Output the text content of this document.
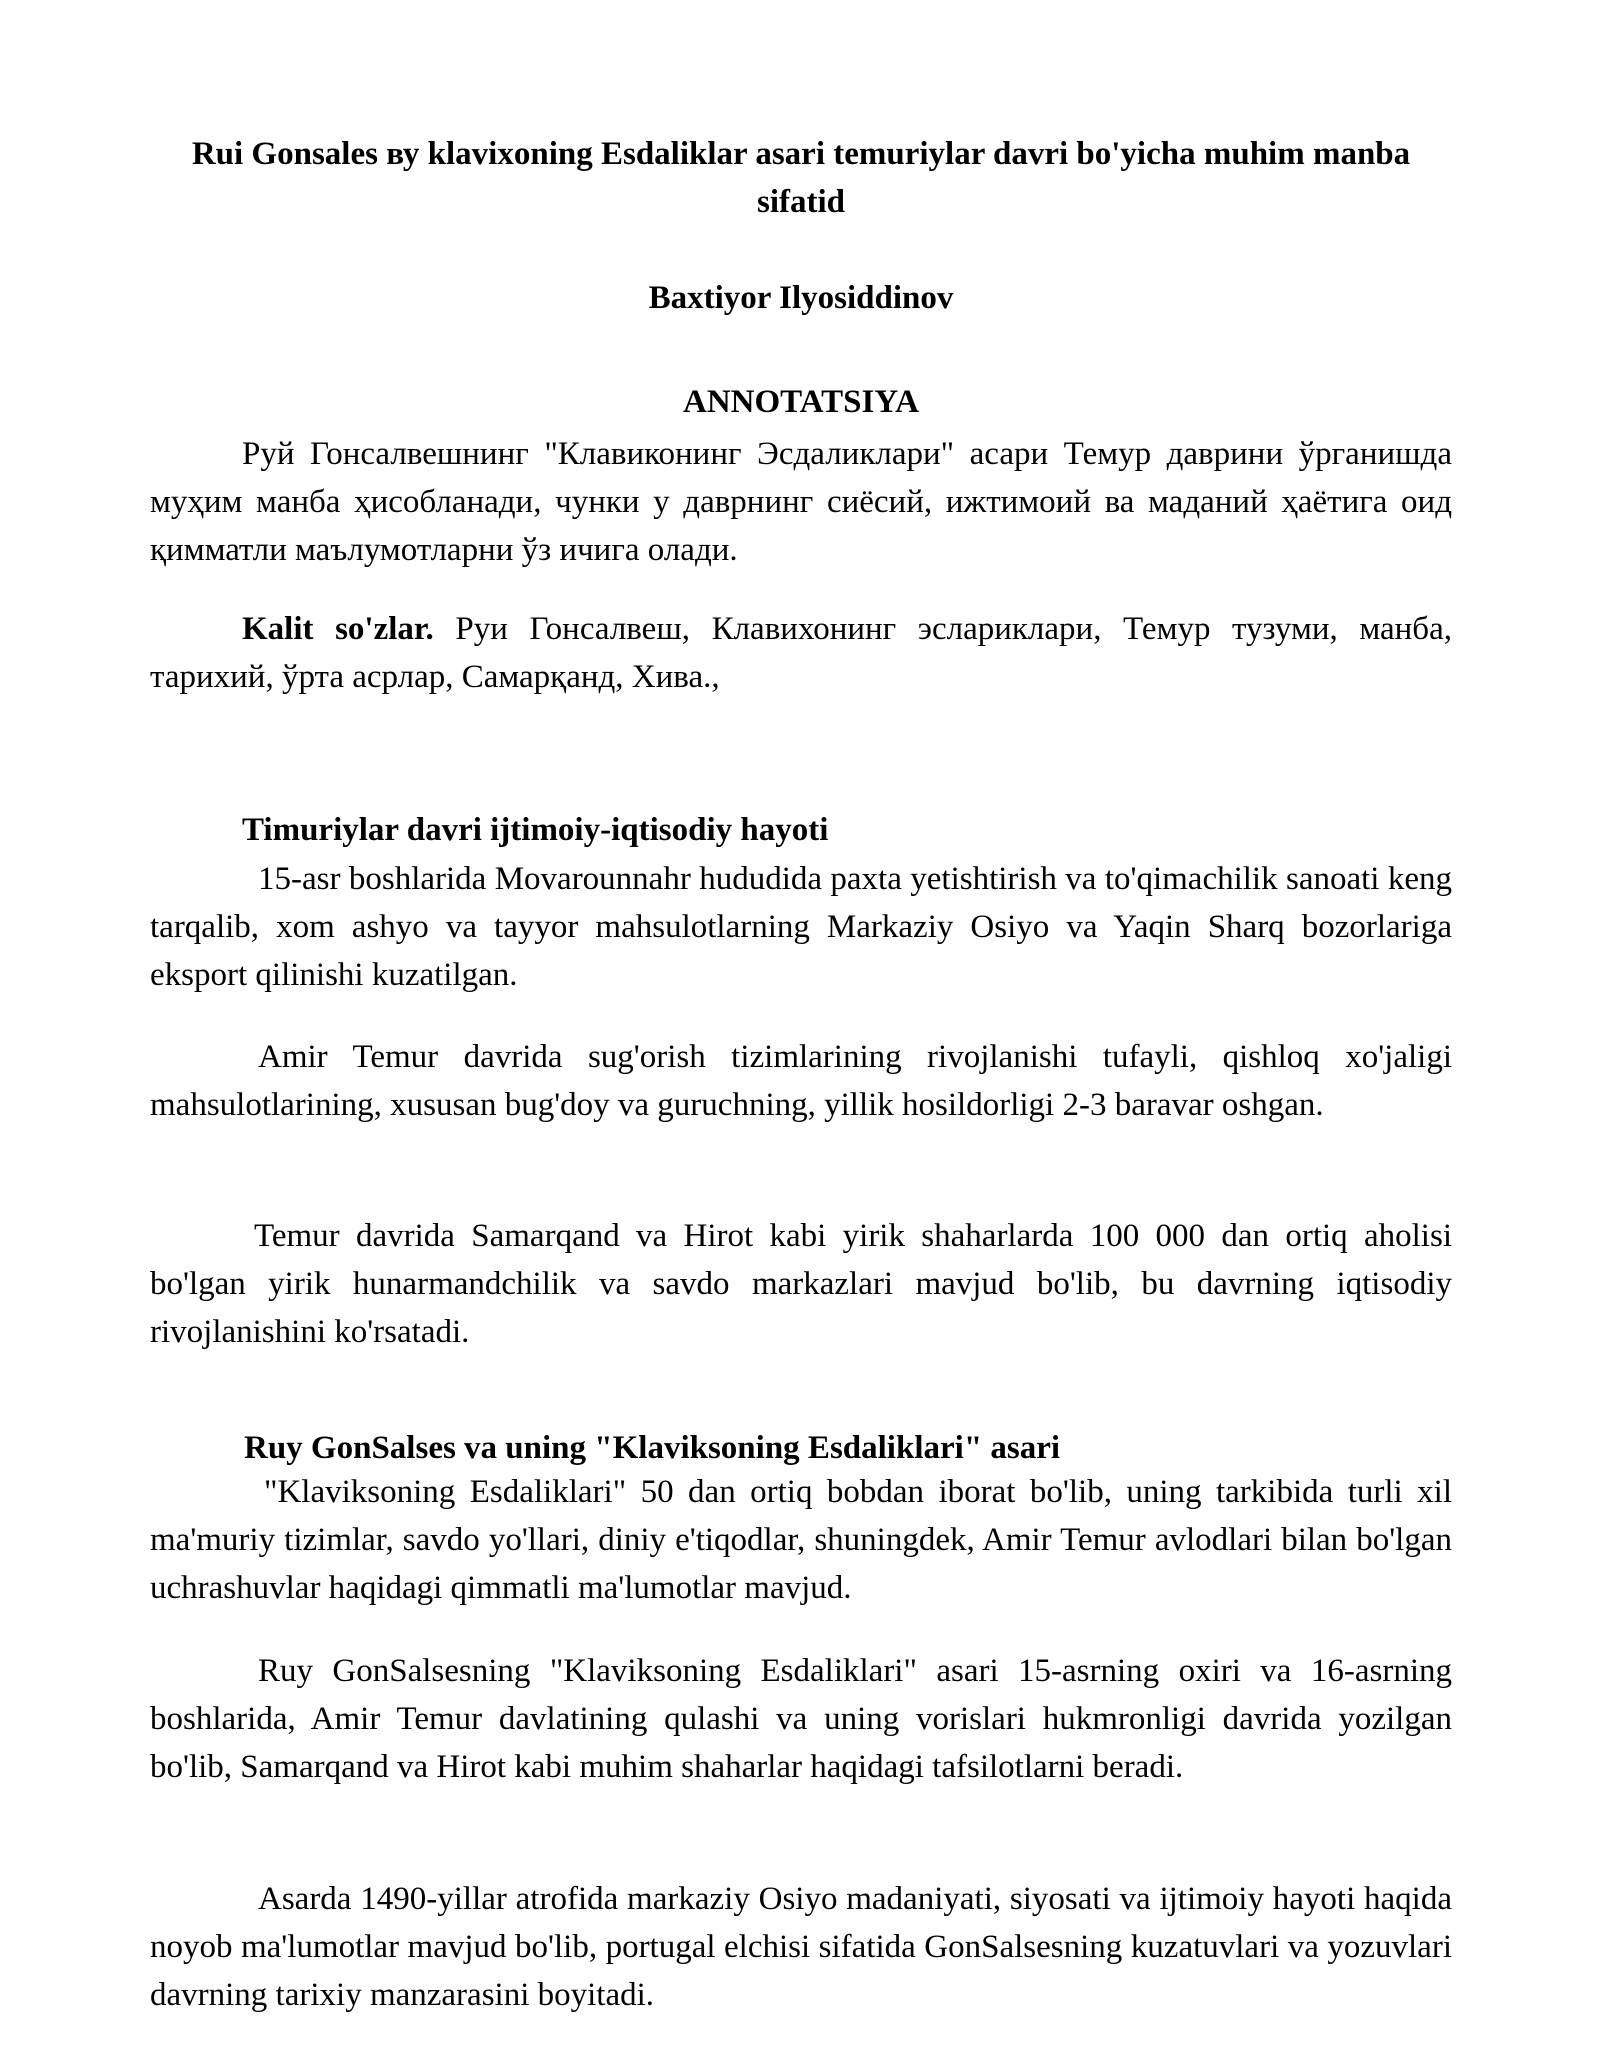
Rui Gonsales ву klavixoning Esdaliklar asari temuriylar davri bo'yicha muhim manba sifatid

Baxtiyor Ilyosiddinov

ANNOTATSIYA

Руй Гонсалвешнинг "Клавиконинг Эсдаликлари" асари Темур даврини ўрганишда муҳим манба ҳисобланади, чунки у даврнинг сиёсий, ижтимоий ва маданий ҳаётига оид қимматли маълумотларни ўз ичига олади.

Kalit so'zlar. Руи Гонсалвеш, Клавихонинг эслариклари, Темур тузуми, манба, тарихий, ўрта асрлар, Самарқанд, Хива.,

Timuriylar davri ijtimoiy-iqtisodiy hayoti

15-asr boshlarida Movarounnahr hududida paxta yetishtirish va to'qimachilik sanoati keng tarqalib, xom ashyo va tayyor mahsulotlarning Markaziy Osiyo va Yaqin Sharq bozorlariga eksport qilinishi kuzatilgan.

Amir Temur davrida sug'orish tizimlarining rivojlanishi tufayli, qishloq xo'jaligi mahsulotlarining, xususan bug'doy va guruchning, yillik hosildorligi 2-3 baravar oshgan.

Temur davrida Samarqand va Hirot kabi yirik shaharlarda 100 000 dan ortiq aholisi bo'lgan yirik hunarmandchilik va savdo markazlari mavjud bo'lib, bu davrning iqtisodiy rivojlanishini ko'rsatadi.

Ruy GonSalses va uning "Klaviksoning Esdaliklari" asari

"Klaviksoning Esdaliklari" 50 dan ortiq bobdan iborat bo'lib, uning tarkibida turli xil ma'muriy tizimlar, savdo yo'llari, diniy e'tiqodlar, shuningdek, Amir Temur avlodlari bilan bo'lgan uchrashuvlar haqidagi qimmatli ma'lumotlar mavjud.

Ruy GonSalsesning "Klaviksoning Esdaliklari" asari 15-asrning oxiri va 16-asrning boshlarida, Amir Temur davlatining qulashi va uning vorislari hukmronligi davrida yozilgan bo'lib, Samarqand va Hirot kabi muhim shaharlar haqidagi tafsilotlarni beradi.

Asarda 1490-yillar atrofida markaziy Osiyo madaniyati, siyosati va ijtimoiy hayoti haqida noyob ma'lumotlar mavjud bo'lib, portugal elchisi sifatida GonSalsesning kuzatuvlari va yozuvlari davrning tarixiy manzarasini boyitadi.
